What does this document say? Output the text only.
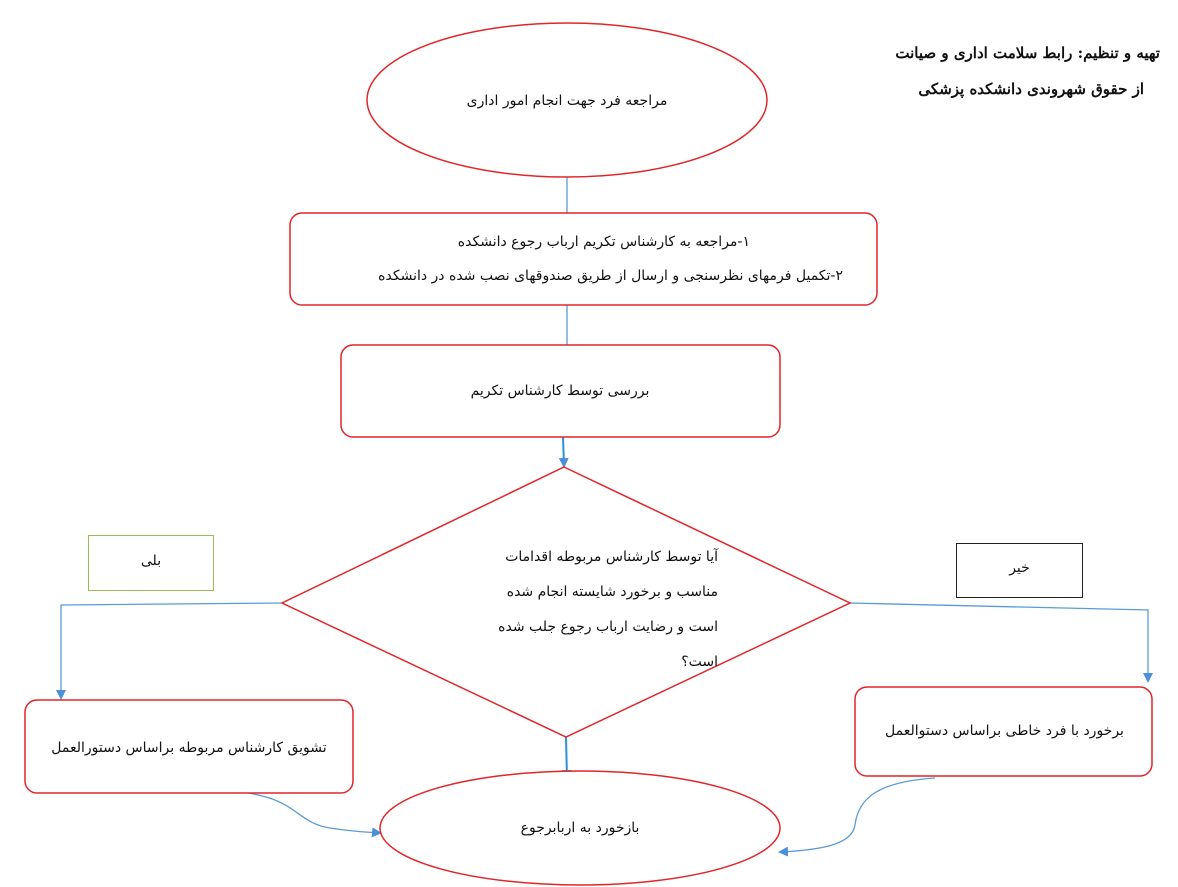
تهیه و تنظیم: رابط سلامت اداری و صیانت
از حقوق شهروندی دانشکده پزشکی
مراجعه فرد جهت انجام امور اداری
۱-مراجعه به کارشناس تکریم ارباب رجوع دانشکده
۲-تکمیل فرمهای نظرسنجی و ارسال از طریق صندوقهای نصب شده در دانشکده
بررسی توسط کارشناس تکریم
آیا توسط کارشناس مربوطه اقدامات
مناسب و برخورد شایسته انجام شده
است و رضایت ارباب رجوع جلب شده
است؟
بلی	خیر
تشویق کارشناس مربوطه براساس دستورالعمل
برخورد با فرد خاطی براساس دستوالعمل
بازخورد به اربابرجوع
